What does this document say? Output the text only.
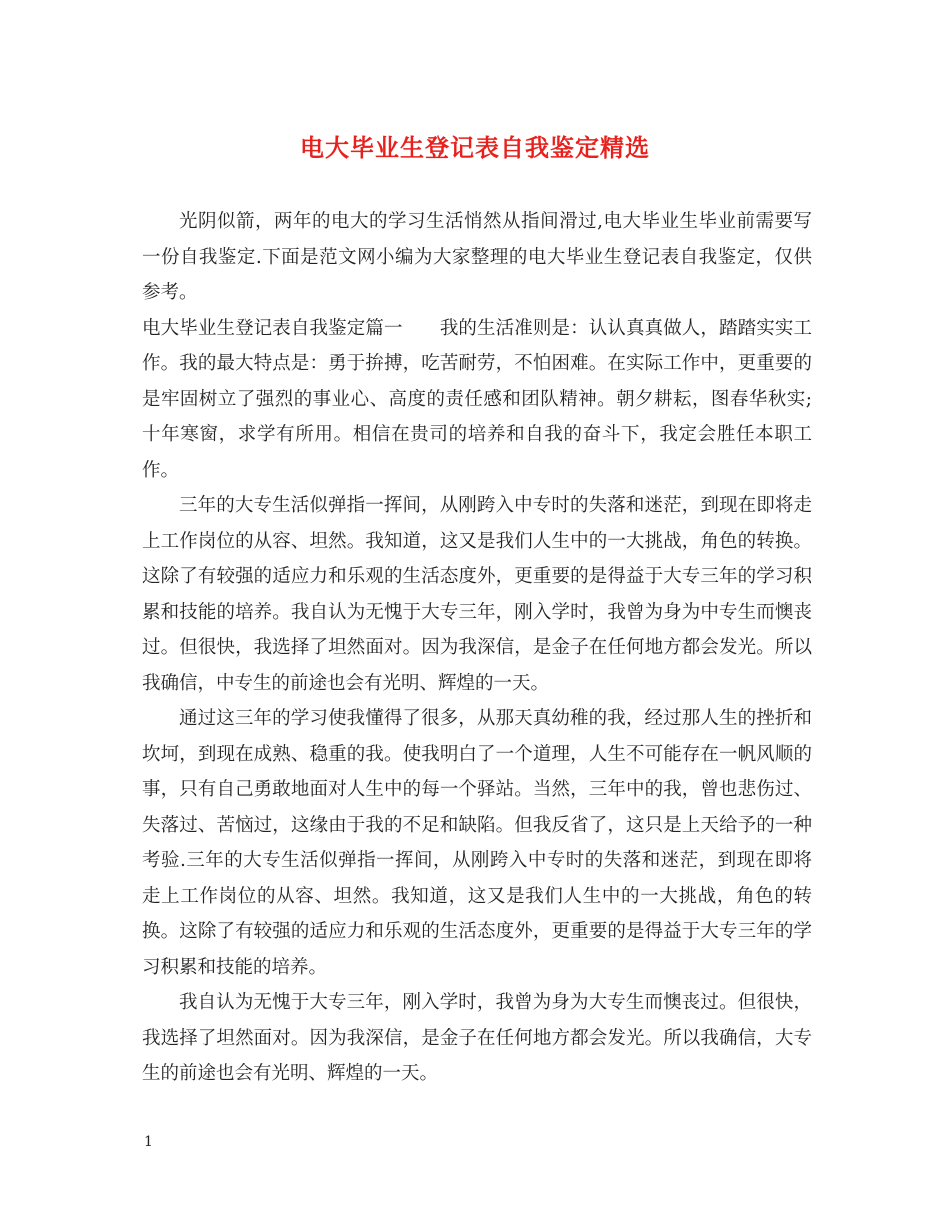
电大毕业生登记表自我鉴定精选

光阴似箭，两年的电大的学习生活悄然从指间滑过,电大毕业生毕业前需要写一份自我鉴定.下面是范文网小编为大家整理的电大毕业生登记表自我鉴定，仅供参考。

电大毕业生登记表自我鉴定篇一　　我的生活准则是：认认真真做人，踏踏实实工作。我的最大特点是：勇于拚搏，吃苦耐劳，不怕困难。在实际工作中，更重要的是牢固树立了强烈的事业心、高度的责任感和团队精神。朝夕耕耘，图春华秋实;十年寒窗，求学有所用。相信在贵司的培养和自我的奋斗下，我定会胜任本职工作。

三年的大专生活似弹指一挥间，从刚跨入中专时的失落和迷茫，到现在即将走上工作岗位的从容、坦然。我知道，这又是我们人生中的一大挑战，角色的转换。这除了有较强的适应力和乐观的生活态度外，更重要的是得益于大专三年的学习积累和技能的培养。我自认为无愧于大专三年，刚入学时，我曾为身为中专生而懊丧过。但很快，我选择了坦然面对。因为我深信，是金子在任何地方都会发光。所以我确信，中专生的前途也会有光明、辉煌的一天。

通过这三年的学习使我懂得了很多，从那天真幼稚的我，经过那人生的挫折和坎坷，到现在成熟、稳重的我。使我明白了一个道理，人生不可能存在一帆风顺的事，只有自己勇敢地面对人生中的每一个驿站。当然，三年中的我，曾也悲伤过、失落过、苦恼过，这缘由于我的不足和缺陷。但我反省了，这只是上天给予的一种考验.三年的大专生活似弹指一挥间，从刚跨入中专时的失落和迷茫，到现在即将走上工作岗位的从容、坦然。我知道，这又是我们人生中的一大挑战，角色的转换。这除了有较强的适应力和乐观的生活态度外，更重要的是得益于大专三年的学习积累和技能的培养。

我自认为无愧于大专三年，刚入学时，我曾为身为大专生而懊丧过。但很快，我选择了坦然面对。因为我深信，是金子在任何地方都会发光。所以我确信，大专生的前途也会有光明、辉煌的一天。

1
